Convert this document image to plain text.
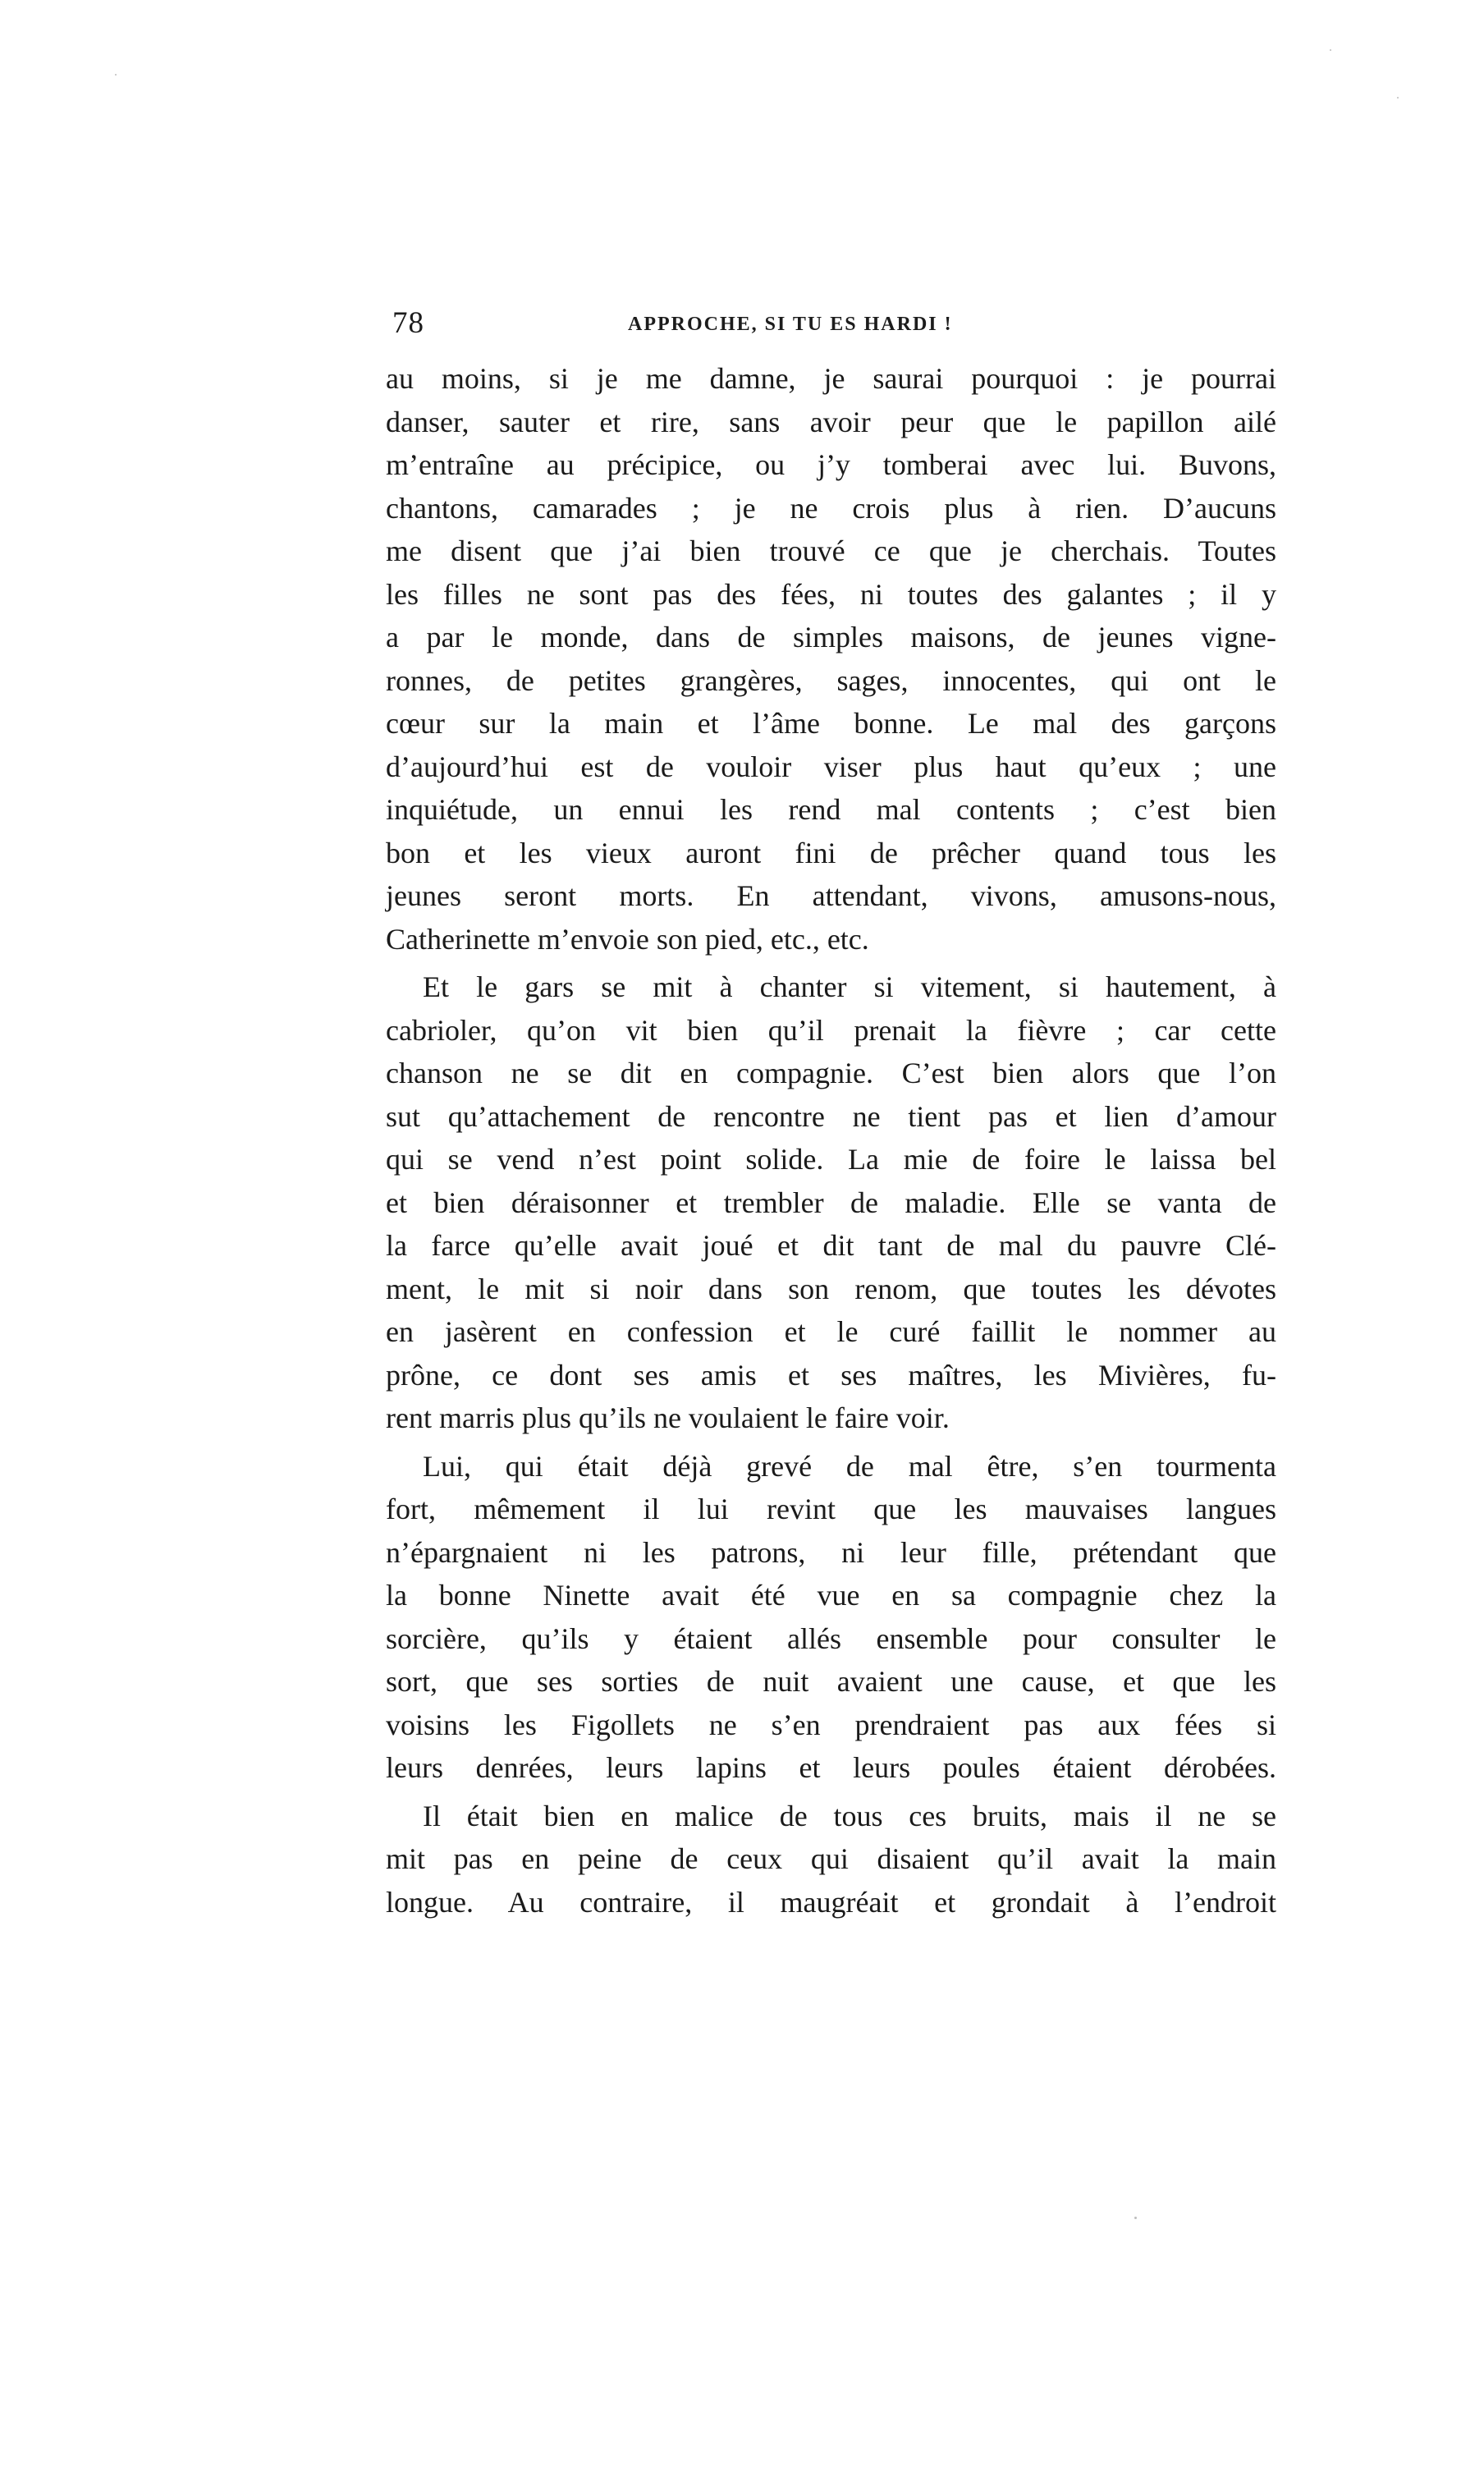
78	APPROCHE, SI TU ES HARDI !
au moins, si je me damne, je saurai pourquoi : je pourrai
danser, sauter et rire, sans avoir peur que le papillon ailé
m’entraîne au précipice, ou j’y tomberai avec lui. Buvons,
chantons, camarades ; je ne crois plus à rien. D’aucuns
me disent que j’ai bien trouvé ce que je cherchais. Toutes
les filles ne sont pas des fées, ni toutes des galantes ; il y
a par le monde, dans de simples maisons, de jeunes vigne-
ronnes, de petites grangères, sages, innocentes, qui ont le
cœur sur la main et l’âme bonne. Le mal des garçons
d’aujourd’hui est de vouloir viser plus haut qu’eux ; une
inquiétude, un ennui les rend mal contents ; c’est bien
bon et les vieux auront fini de prêcher quand tous les
jeunes seront morts. En attendant, vivons, amusons-nous,
Catherinette m’envoie son pied, etc., etc.
Et le gars se mit à chanter si vitement, si hautement, à
cabrioler, qu’on vit bien qu’il prenait la fièvre ; car cette
chanson ne se dit en compagnie. C’est bien alors que l’on
sut qu’attachement de rencontre ne tient pas et lien d’amour
qui se vend n’est point solide. La mie de foire le laissa bel
et bien déraisonner et trembler de maladie. Elle se vanta de
la farce qu’elle avait joué et dit tant de mal du pauvre Clé-
ment, le mit si noir dans son renom, que toutes les dévotes
en jasèrent en confession et le curé faillit le nommer au
prône, ce dont ses amis et ses maîtres, les Mivières, fu-
rent marris plus qu’ils ne voulaient le faire voir.
Lui, qui était déjà grevé de mal être, s’en tourmenta
fort, mêmement il lui revint que les mauvaises langues
n’épargnaient ni les patrons, ni leur fille, prétendant que
la bonne Ninette avait été vue en sa compagnie chez la
sorcière, qu’ils y étaient allés ensemble pour consulter le
sort, que ses sorties de nuit avaient une cause, et que les
voisins les Figollets ne s’en prendraient pas aux fées si
leurs denrées, leurs lapins et leurs poules étaient dérobées.
Il était bien en malice de tous ces bruits, mais il ne se
mit pas en peine de ceux qui disaient qu’il avait la main
longue. Au contraire, il maugréait et grondait à l’endroit
